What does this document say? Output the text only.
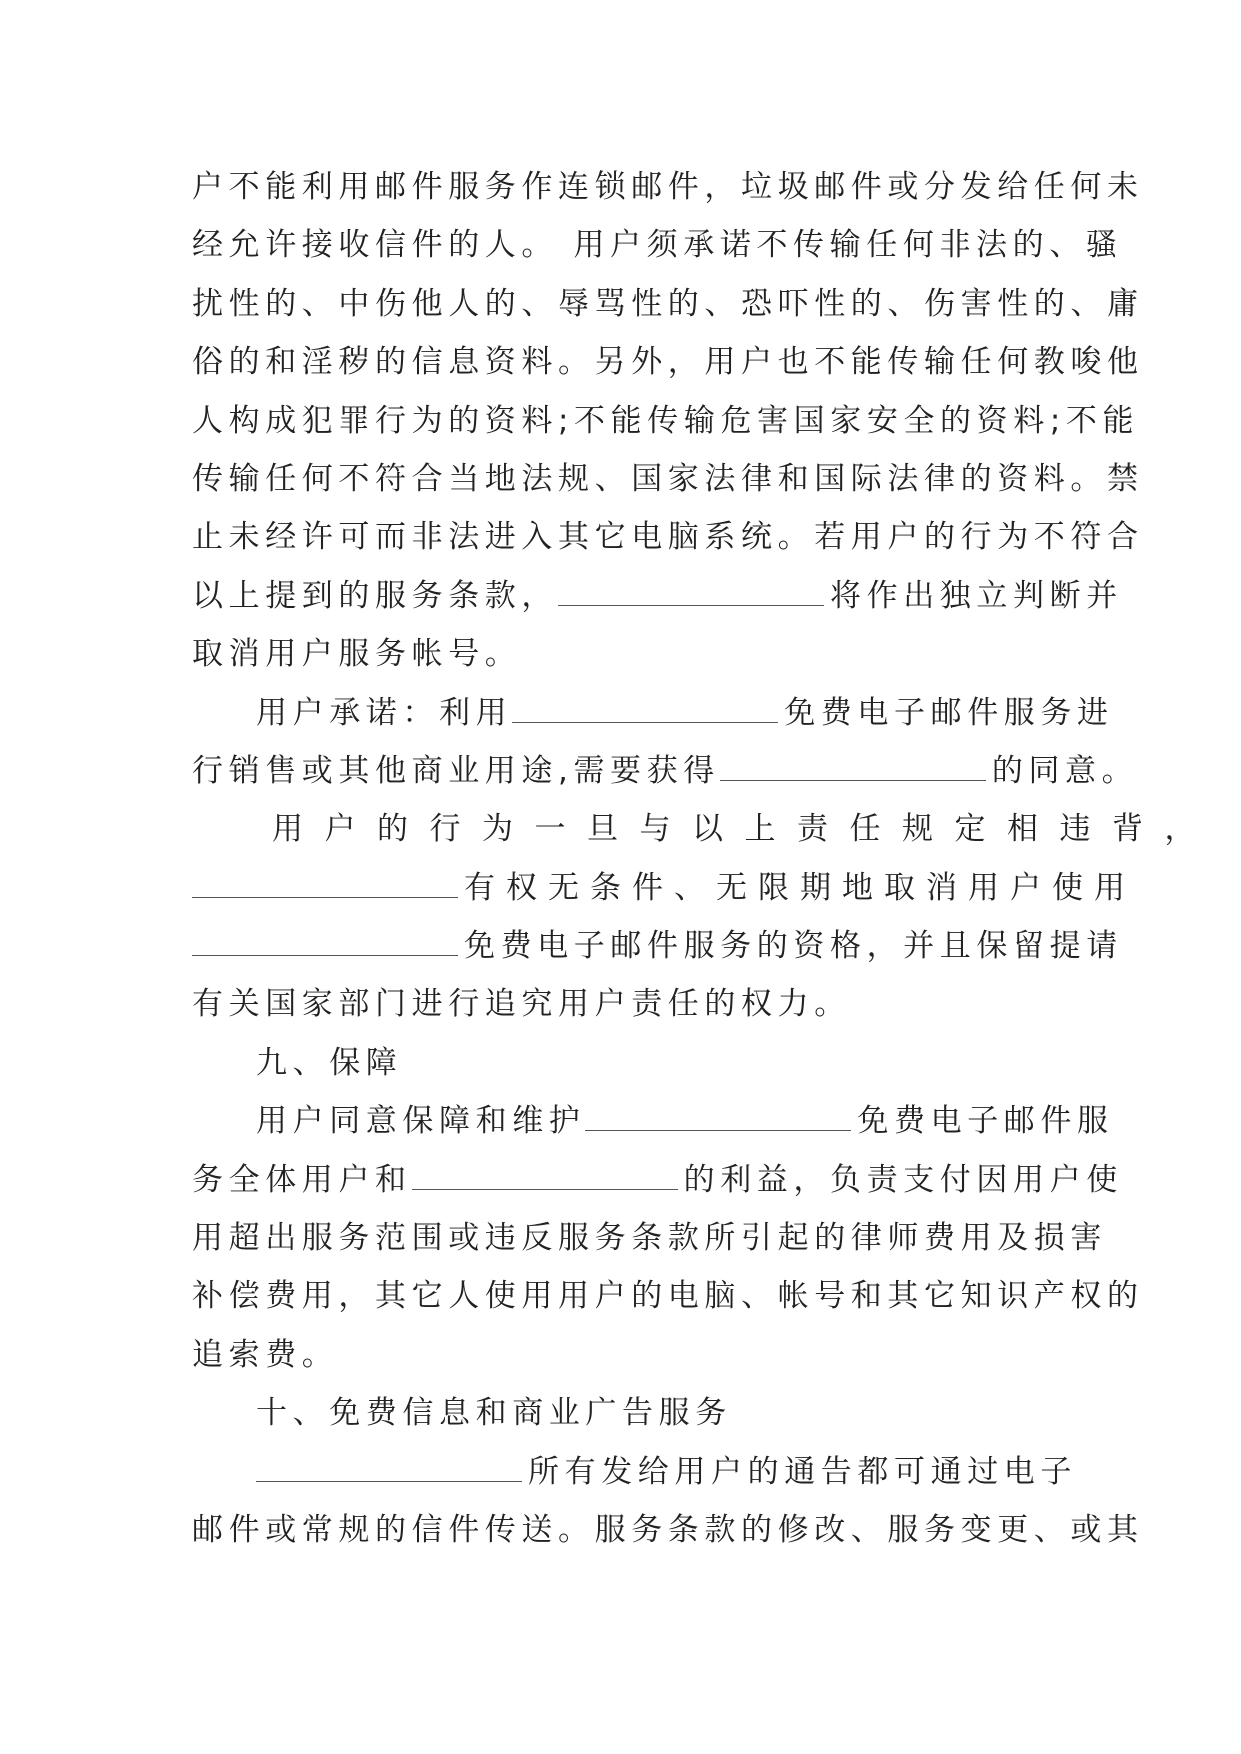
户不能利用邮件服务作连锁邮件，垃圾邮件或分发给任何未
经允许接收信件的人。 用户须承诺不传输任何非法的、骚
扰性的、中伤他人的、辱骂性的、恐吓性的、伤害性的、庸
俗的和淫秽的信息资料。另外，用户也不能传输任何教唆他
人构成犯罪行为的资料;不能传输危害国家安全的资料;不能
传输任何不符合当地法规、国家法律和国际法律的资料。禁
止未经许可而非法进入其它电脑系统。若用户的行为不符合
以上提到的服务条款，	将作出独立判断并
取消用户服务帐号。
用户承诺：利用	免费电子邮件服务进
行销售或其他商业用途,需要获得	的同意。
用户的行为一旦与以上责任规定相违背，
有权无条件、无限期地取消用户使用
免费电子邮件服务的资格，并且保留提请
有关国家部门进行追究用户责任的权力。
九、保障
用户同意保障和维护	免费电子邮件服
务全体用户和	的利益，负责支付因用户使
用超出服务范围或违反服务条款所引起的律师费用及损害
补偿费用，其它人使用用户的电脑、帐号和其它知识产权的
追索费。
十、免费信息和商业广告服务
所有发给用户的通告都可通过电子
邮件或常规的信件传送。服务条款的修改、服务变更、或其
